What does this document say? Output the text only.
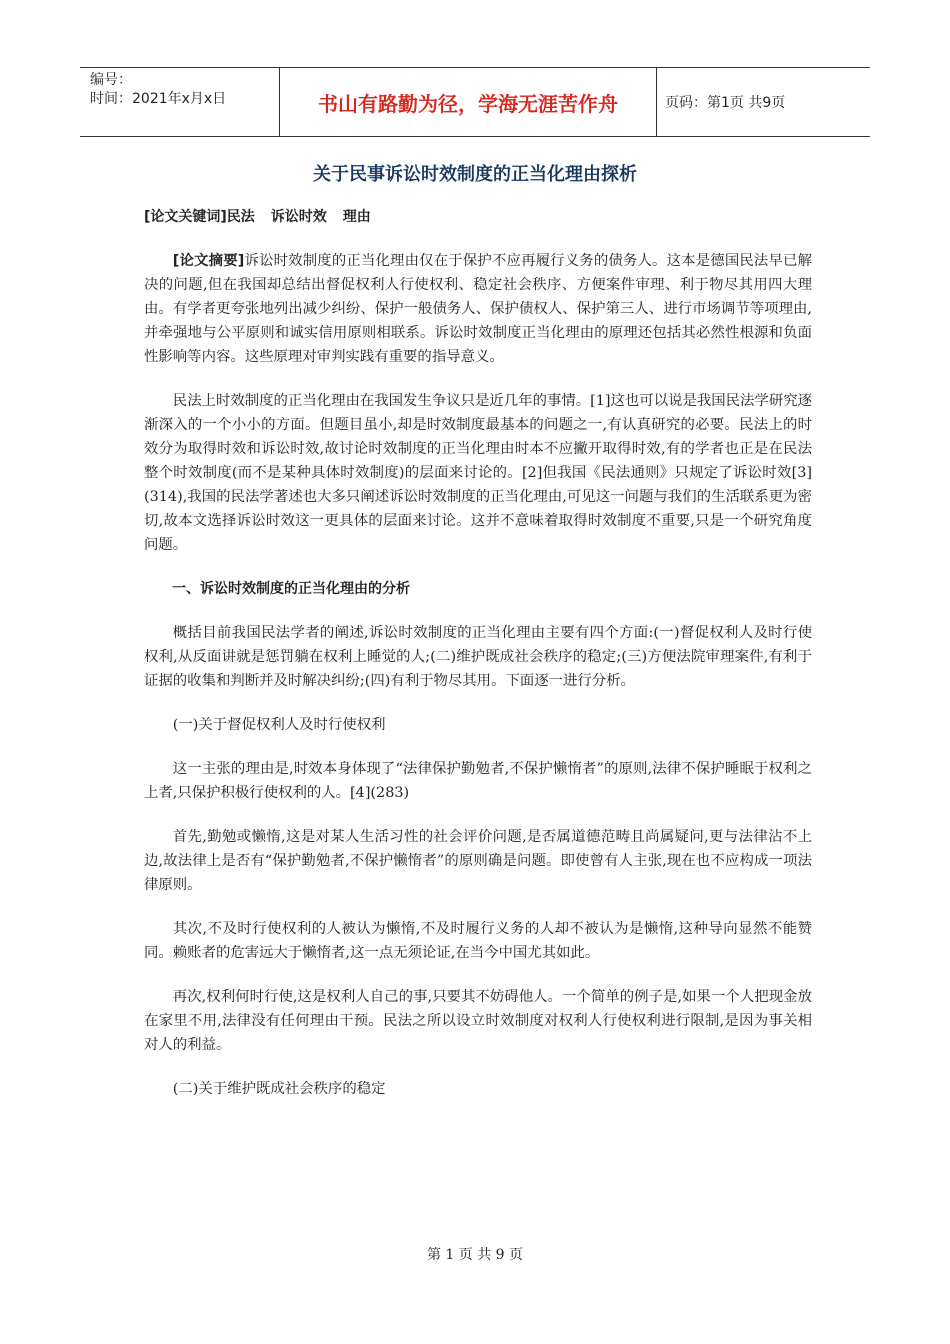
编号：
时间：2021年x月x日	书山有路勤为径，学海无涯苦作舟	页码：第1页 共9页
关于民事诉讼时效制度的正当化理由探析

[论文关键词]民法 诉讼时效 理由

[论文摘要]诉讼时效制度的正当化理由仅在于保护不应再履行义务的债务人。这本是德国民法早已解决的问题,但在我国却总结出督促权利人行使权利、稳定社会秩序、方便案件审理、利于物尽其用四大理由。有学者更夸张地列出减少纠纷、保护一般债务人、保护债权人、保护第三人、进行市场调节等项理由,并牵强地与公平原则和诚实信用原则相联系。诉讼时效制度正当化理由的原理还包括其必然性根源和负面性影响等内容。这些原理对审判实践有重要的指导意义。

民法上时效制度的正当化理由在我国发生争议只是近几年的事情。[1]这也可以说是我国民法学研究逐渐深入的一个小小的方面。但题目虽小,却是时效制度最基本的问题之一,有认真研究的必要。民法上的时效分为取得时效和诉讼时效,故讨论时效制度的正当化理由时本不应撇开取得时效,有的学者也正是在民法整个时效制度(而不是某种具体时效制度)的层面来讨论的。[2]但我国《民法通则》只规定了诉讼时效[3](314),我国的民法学著述也大多只阐述诉讼时效制度的正当化理由,可见这一问题与我们的生活联系更为密切,故本文选择诉讼时效这一更具体的层面来讨论。这并不意味着取得时效制度不重要,只是一个研究角度问题。

一、诉讼时效制度的正当化理由的分析

概括目前我国民法学者的阐述,诉讼时效制度的正当化理由主要有四个方面:(一)督促权利人及时行使权利,从反面讲就是惩罚躺在权利上睡觉的人;(二)维护既成社会秩序的稳定;(三)方便法院审理案件,有利于证据的收集和判断并及时解决纠纷;(四)有利于物尽其用。下面逐一进行分析。

(一)关于督促权利人及时行使权利

这一主张的理由是,时效本身体现了“法律保护勤勉者,不保护懒惰者”的原则,法律不保护睡眠于权利之上者,只保护积极行使权利的人。[4](283)

首先,勤勉或懒惰,这是对某人生活习性的社会评价问题,是否属道德范畴且尚属疑问,更与法律沾不上边,故法律上是否有“保护勤勉者,不保护懒惰者”的原则确是问题。即使曾有人主张,现在也不应构成一项法律原则。

其次,不及时行使权利的人被认为懒惰,不及时履行义务的人却不被认为是懒惰,这种导向显然不能赞同。赖账者的危害远大于懒惰者,这一点无须论证,在当今中国尤其如此。

再次,权利何时行使,这是权利人自己的事,只要其不妨碍他人。一个简单的例子是,如果一个人把现金放在家里不用,法律没有任何理由干预。民法之所以设立时效制度对权利人行使权利进行限制,是因为事关相对人的利益。

(二)关于维护既成社会秩序的稳定

第 1 页 共 9 页
